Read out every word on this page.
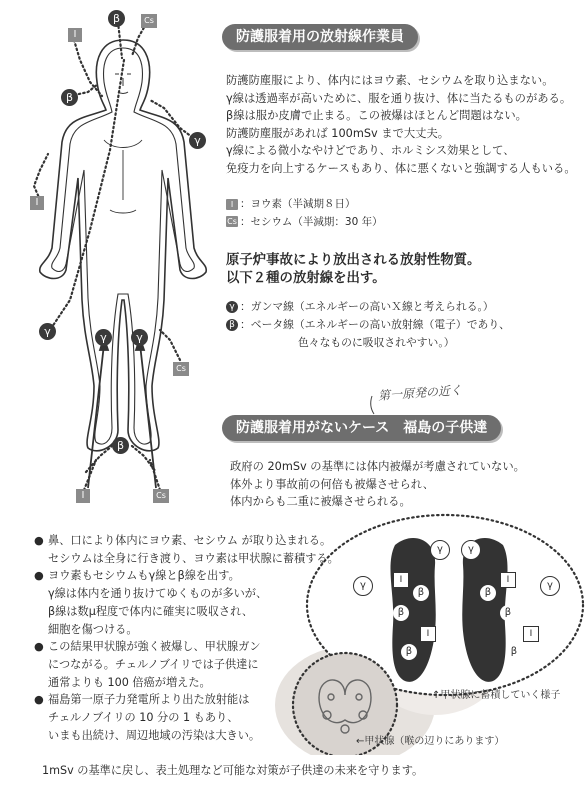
I
Cs
β
β
γ
I
γ	γ	γ
Cs
β
I	Cs
防護服着用の放射線作業員
防護防塵服により、体内にはヨウ素、セシウムを取り込まない。
γ線は透過率が高いために、服を通り抜け、体に当たるものがある。
β線は服か皮膚で止まる。この被爆はほとんど問題はない。
防護防塵服があれば 100mSv まで大丈夫。
γ線による微小なやけどであり、ホルミシス効果として、
免疫力を向上するケースもあり、体に悪くないと強調する人もいる。
I ：ヨウ素（半減期８日）
Cs ：セシウム（半減期：30 年）
原子炉事故により放出される放射性物質。
以下２種の放射線を出す。
γ ：ガンマ線（エネルギーの高いＸ線と考えられる。）
β ：ベータ線（エネルギーの高い放射線（電子）であり、
色々なものに吸収されやすい。）
第一原発の近く
防護服着用がないケース　福島の子供達
政府の 20mSv の基準には体内被爆が考慮されていない。
体外より事故前の何倍も被爆させられ、
体内からも二重に被爆させられる。
γ	γ
γ	γ
I	I
β	β
β	β
I	I
β	β
↑甲状腺に蓄積していく様子
←甲状腺（喉の辺りにあります）
● 鼻、口により体内にヨウ素、セシウム が取り込まれる。
セシウムは全身に行き渡り、ヨウ素は甲状腺に蓄積する。
● ヨウ素もセシウムもγ線とβ線を出す。
γ線は体内を通り抜けてゆくものが多いが、
β線は数μ程度で体内に確実に吸収され、
細胞を傷つける。
● この結果甲状腺が強く被爆し、甲状腺ガン
につながる。チェルノブイリでは子供達に
通常よりも 100 倍癌が増えた。
● 福島第一原子力発電所より出た放射能は
チェルノブイリの 10 分の 1 もあり、
いまも出続け、周辺地域の汚染は大きい。
1mSv の基準に戻し、表土処理など可能な対策が子供達の未来を守ります。
